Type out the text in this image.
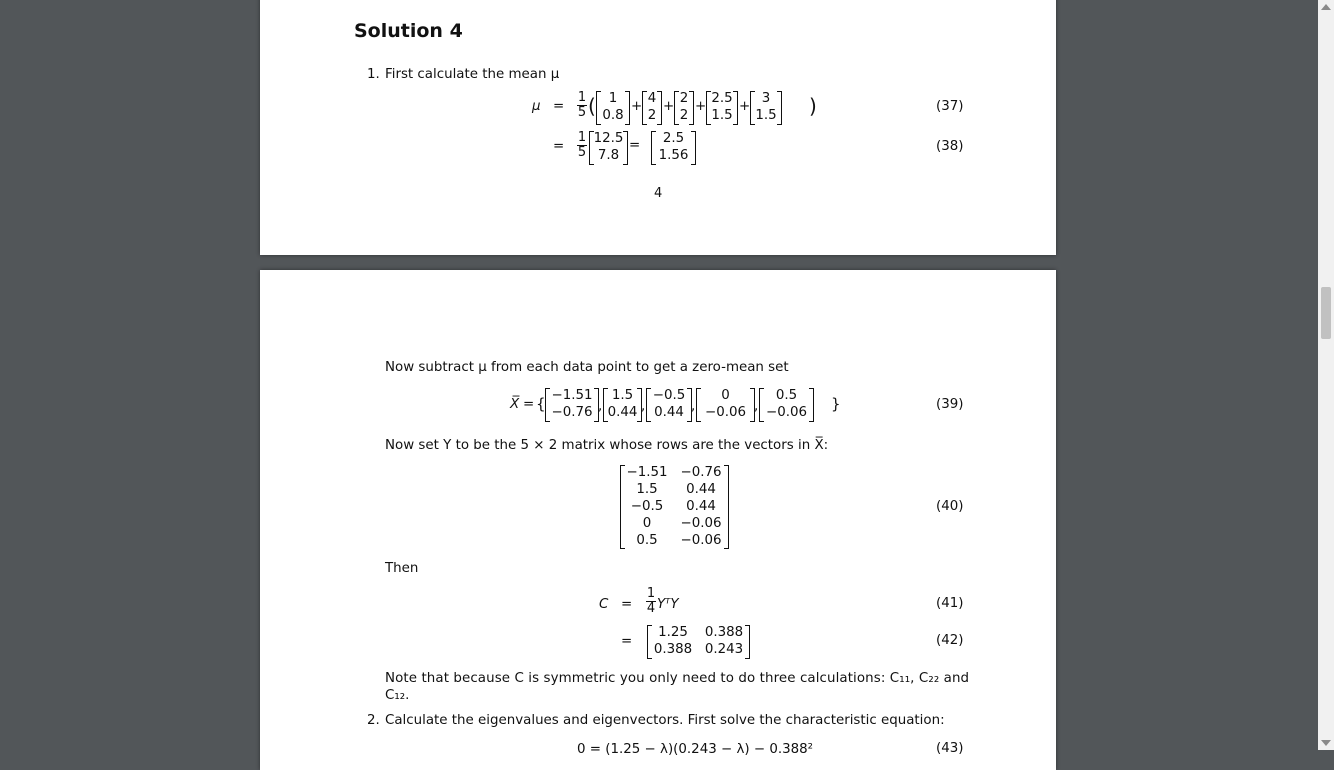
Solution 4
1. First calculate the mean μ
$\mu = \frac{1}{5}$ ( 1
0.8
+
4
2
+
2
2
+
2.5
1.5
+
3
1.5 )	(37)
= $\frac{1}{5} 12.5$
7.8
=	2.5
1.56
(38)
4
Now subtract μ from each data point to get a zero-mean set
X̅ = { −1.51
−0.76 ,
1.5
0.44 ,
−0.5
0.44 ,
0
−0.06 ,
0.5
−0.06	}	(39)
Now set Y to be the 5 × 2 matrix whose rows are the vectors in X̅:
−1.51 −0.76
1.5	0.44
−0.5	0.44
0	−0.06
0.5	−0.06
(40)
Then
$C = \frac{1}{4}$ YᵀY	(41)
=
1.25	0.388
0.388 0.243
(42)
Note that because C is symmetric you only need to do three calculations: C₁₁, C₂₂ and
C₁₂.
2. Calculate the eigenvalues and eigenvectors. First solve the characteristic equation:
0 = (1.25 − λ)(0.243 − λ) − 0.388²	(43)
